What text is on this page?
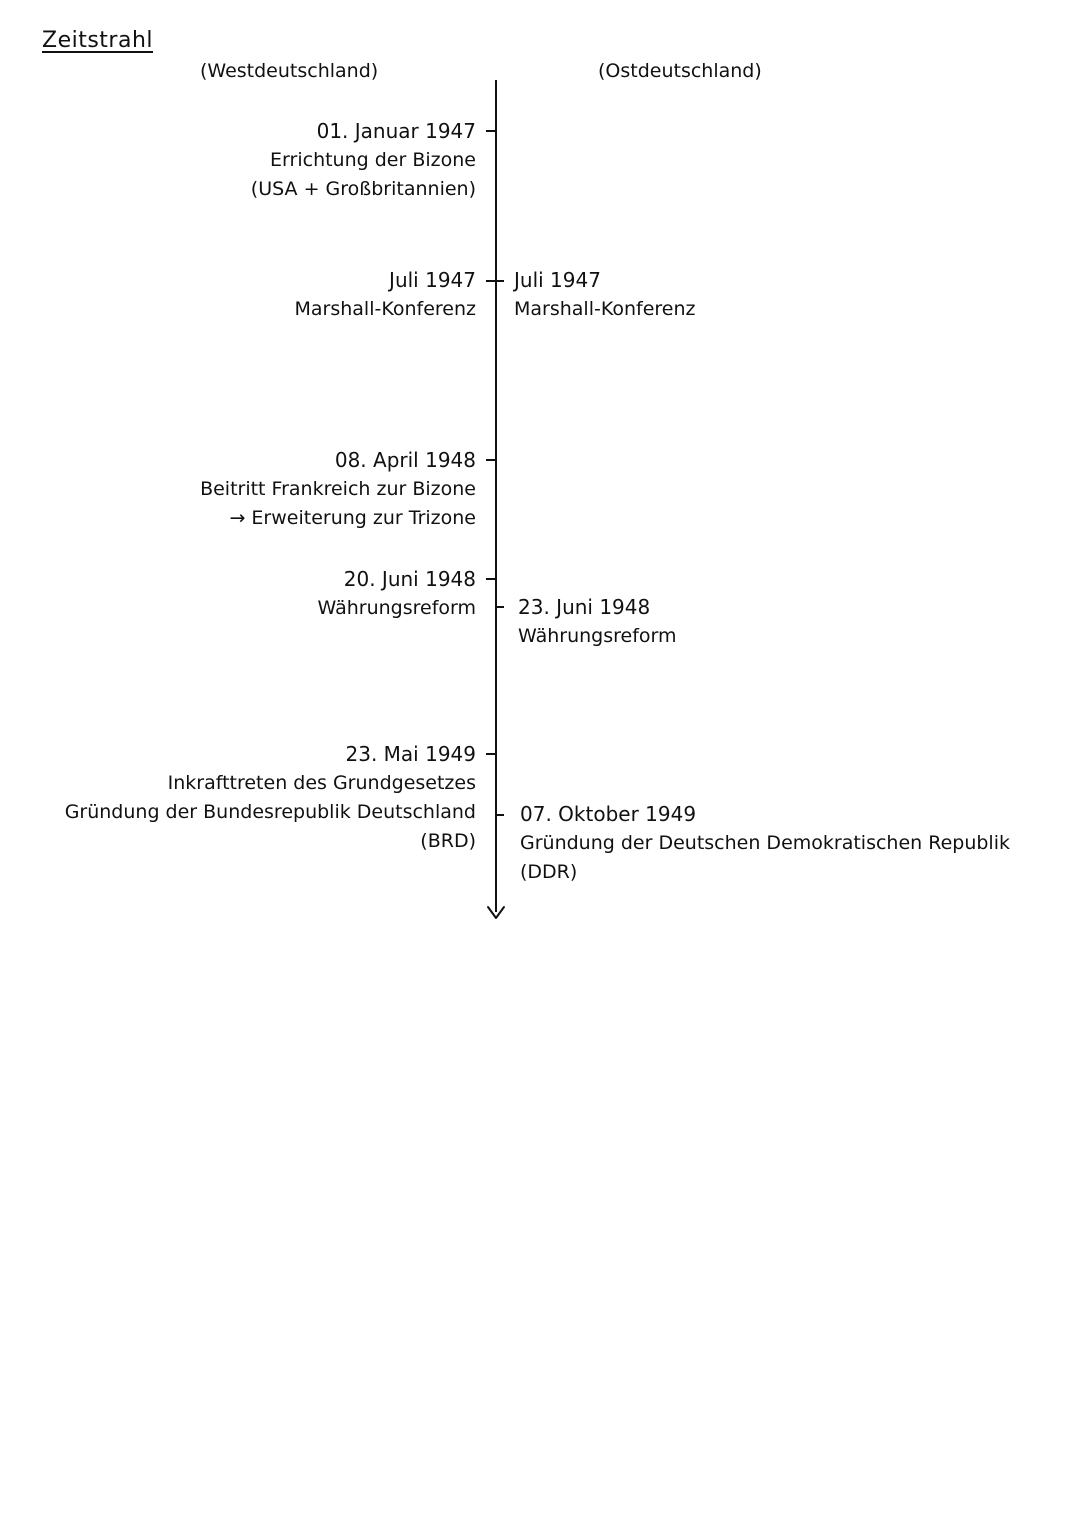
Zeitstrahl
(Westdeutschland)	(Ostdeutschland)
01. Januar 1947
Errichtung der Bizone
(USA + Großbritannien)
Juli 1947
Marshall-Konferenz
08. April 1948
Beitritt Frankreich zur Bizone
→ Erweiterung zur Trizone
20. Juni 1948
Währungsreform
23. Mai 1949
Inkrafttreten des Grundgesetzes
Gründung der Bundesrepublik Deutschland
(BRD)
Juli 1947
Marshall-Konferenz
23. Juni 1948
Währungsreform
07. Oktober 1949
Gründung der Deutschen Demokratischen Republik
(DDR)
